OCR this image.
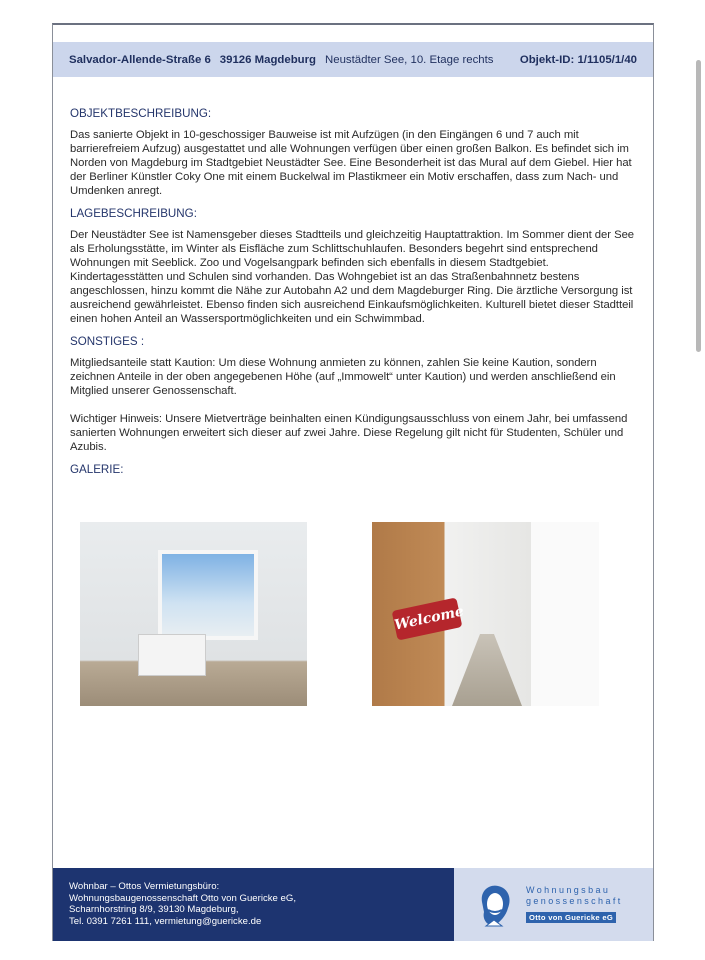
Salvador-Allende-Straße 6 39126 Magdeburg Neustädter See, 10. Etage rechts Objekt-ID: 1/1105/1/40
OBJEKTBESCHREIBUNG:

Das sanierte Objekt in 10-geschossiger Bauweise ist mit Aufzügen (in den Eingängen 6 und 7 auch mit barrierefreiem Aufzug) ausgestattet und alle Wohnungen verfügen über einen großen Balkon. Es befindet sich im Norden von Magdeburg im Stadtgebiet Neustädter See. Eine Besonderheit ist das Mural auf dem Giebel. Hier hat der Berliner Künstler Coky One mit einem Buckelwal im Plastikmeer ein Motiv erschaffen, dass zum Nach- und Umdenken anregt.

LAGEBESCHREIBUNG:

Der Neustädter See ist Namensgeber dieses Stadtteils und gleichzeitig Hauptattraktion. Im Sommer dient der See als Erholungsstätte, im Winter als Eisfläche zum Schlittschuhlaufen. Besonders begehrt sind entsprechend Wohnungen mit Seeblick. Zoo und Vogelsangpark befinden sich ebenfalls in diesem Stadtgebiet. Kindertagesstätten und Schulen sind vorhanden. Das Wohngebiet ist an das Straßenbahnnetz bestens angeschlossen, hinzu kommt die Nähe zur Autobahn A2 und dem Magdeburger Ring. Die ärztliche Versorgung ist ausreichend gewährleistet. Ebenso finden sich ausreichend Einkaufsmöglichkeiten. Kulturell bietet dieser Stadtteil einen hohen Anteil an Wassersportmöglichkeiten und ein Schwimmbad.

SONSTIGES :

Mitgliedsanteile statt Kaution: Um diese Wohnung anmieten zu können, zahlen Sie keine Kaution, sondern zeichnen Anteile in der oben angegebenen Höhe (auf „Immowelt“ unter Kaution) und werden anschließend ein Mitglied unserer Genossenschaft.

Wichtiger Hinweis: Unsere Mietverträge beinhalten einen Kündigungsausschluss von einem Jahr, bei umfassend sanierten Wohnungen erweitert sich dieser auf zwei Jahre. Diese Regelung gilt nicht für Studenten, Schüler und Azubis.

GALERIE:
Welcome
Wohnbar – Ottos Vermietungsbüro:
Wohnungsbaugenossenschaft Otto von Guericke eG,
Scharnhorstring 8/9, 39130 Magdeburg,
Tel. 0391 7261 111, vermietung@guericke.de
Wohnungsbau
genossenschaft
Otto von Guericke eG
